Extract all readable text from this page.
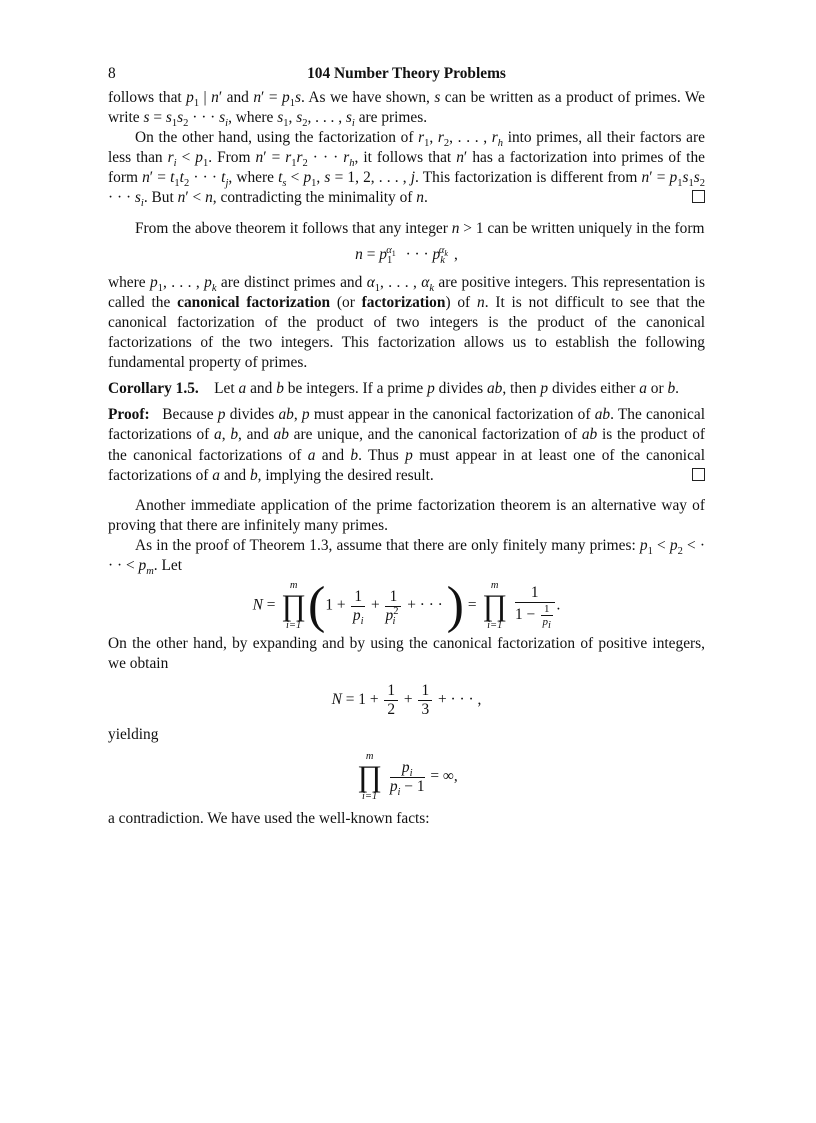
8	104 Number Theory Problems

follows that $p_1$ | n′ and $n' = p_1s$. As we have shown, s can be written as a product of primes. We write $s = s_1s_2$ · · · $s_i$, where $s_1$, $s_2$, . . . , $s_i$ are primes.

On the other hand, using the factorization of $r_1$, $r_2$, . . . , $r_h$ into primes, all their factors are less than $r_i < p_1$. From $n' = r_1r_2$ · · · $r_h$, it follows that n′ has a factorization into primes of the form $n' = t_1t_2$ · · · $t_j$, where $t_s < p_1$, s = 1, 2, . . . , j. This factorization is different from $n' = p_1s_1s_2$ · · · $s_i$. But n′ < n, contradicting the minimality of n.

From the above theorem it follows that any integer n > 1 can be written uniquely in the form

$n = p_1^{\alpha_1}$ · · · $p_k^{\alpha_k}$ ,

where $p_1$, . . . , $p_k$ are distinct primes and $\alpha_1$, . . . , $\alpha_k$ are positive integers. This representation is called the canonical factorization (or factorization) of n. It is not difficult to see that the canonical factorization of the product of two integers is the product of the canonical factorizations of the two integers. This factorization allows us to establish the following fundamental property of primes.

Corollary 1.5. Let a and b be integers. If a prime p divides ab, then p divides either a or b.

Proof: Because p divides ab, p must appear in the canonical factorization of ab. The canonical factorizations of a, b, and ab are unique, and the canonical factorization of ab is the product of the canonical factorizations of a and b. Thus p must appear in at least one of the canonical factorizations of a and b, implying the desired result.

Another immediate application of the prime factorization theorem is an alternative way of proving that there are infinitely many primes.

As in the proof of Theorem 1.3, assume that there are only finitely many primes: $p_1 < p_2$ < · · · < $p_m$. Let

N =
m
∏
i=1 ($1 + \frac{1}{p_i} + \frac{1}{p^2_i}$ + · · · ) =
m
∏
i=1
$\frac{1}{1 - \frac{1}{p_i}}$ .

On the other hand, by expanding and by using the canonical factorization of positive integers, we obtain

$N = 1 + \frac{1}{2} + \frac{1}{3}$ + · · · ,

yielding

m
∏
i=1

$\frac{p_i}{p_i - 1}$ = ∞,

a contradiction. We have used the well-known facts:
